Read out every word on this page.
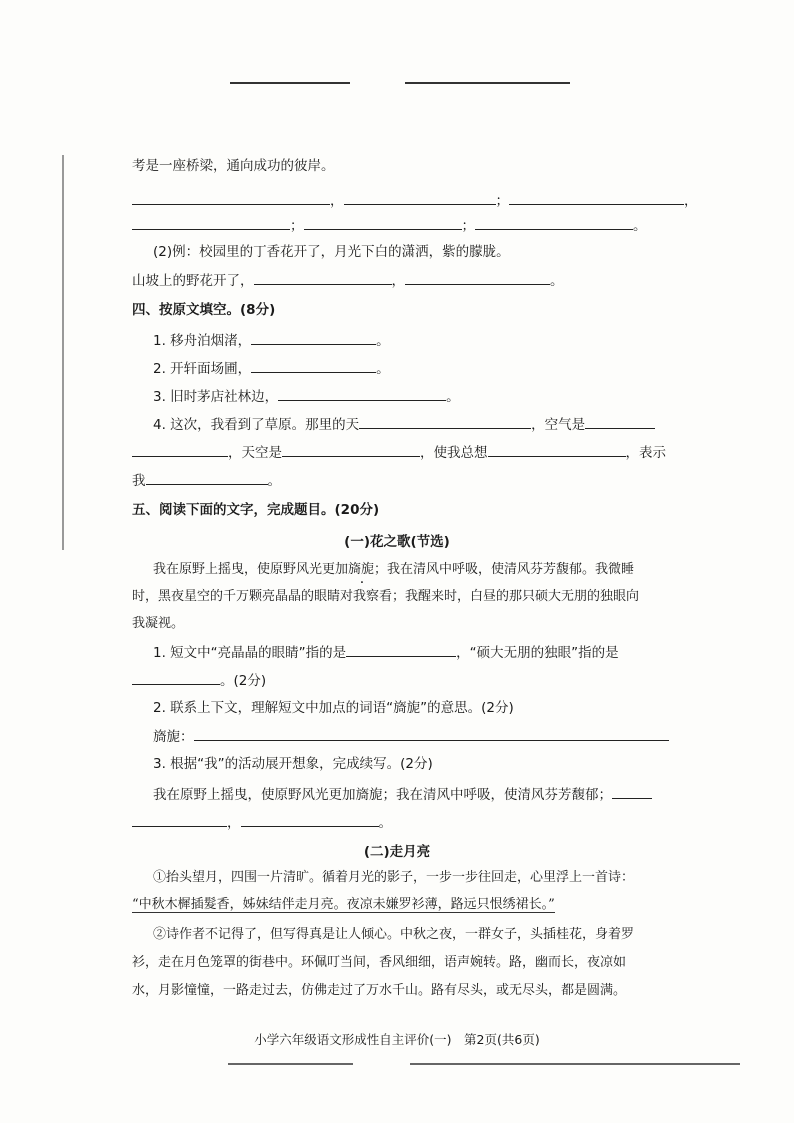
考是一座桥梁，通向成功的彼岸。
，	；	，
；	；	。
(2)例：校园里的丁香花开了，月光下白的潇洒，紫的朦胧。
山坡上的野花开了，	，	。
四、按原文填空。(8分)
1. 移舟泊烟渚，	。
2. 开轩面场圃，	。
3. 旧时茅店社林边，	。
4. 这次，我看到了草原。那里的天	，空气是
，天空是	，使我总想	，表示
我	。
五、阅读下面的文字，完成题目。(20分)
(一)花之歌(节选)
我在原野上摇曳，使原野风光更加旖旎；我在清风中呼吸，使清风芬芳馥郁。我微睡
时，黑夜星空的千万颗亮晶晶的眼睛对我察看；我醒来时，白昼的那只硕大无朋的独眼向
我凝视。
1. 短文中“亮晶晶的眼睛”指的是	，“硕大无朋的独眼”指的是
。(2分)
2. 联系上下文，理解短文中加点的词语“旖旎”的意思。(2分)
旖旎：
3. 根据“我”的活动展开想象，完成续写。(2分)
我在原野上摇曳，使原野风光更加旖旎；我在清风中呼吸，使清风芬芳馥郁；
，	。
(二)走月亮
①抬头望月，四围一片清旷。循着月光的影子，一步一步往回走，心里浮上一首诗：
“中秋木樨插髮香，姊妹结伴走月亮。夜凉未嫌罗衫薄，路远只恨绣裙长。”
②诗作者不记得了，但写得真是让人倾心。中秋之夜，一群女子，头插桂花，身着罗
衫，走在月色笼罩的街巷中。环佩叮当间，香风细细，语声婉转。路，幽而长，夜凉如
水，月影憧憧，一路走过去，仿佛走过了万水千山。路有尽头，或无尽头，都是圆满。
小学六年级语文形成性自主评价(一)　第2页(共6页)
